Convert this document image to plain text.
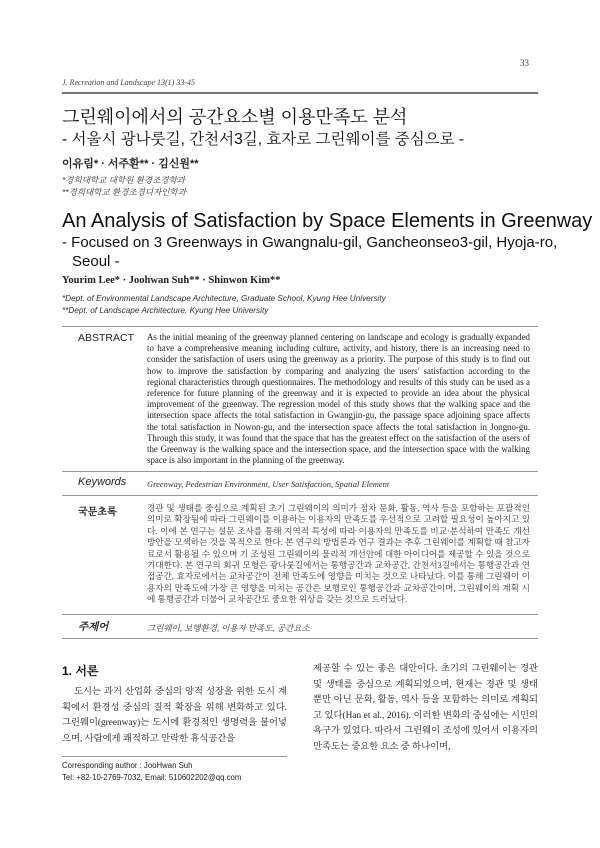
33
J. Recreation and Landscape 13(1) 33-45
그린웨이에서의 공간요소별 이용만족도 분석
- 서울시 광나룻길, 간천서3길, 효자로 그린웨이를 중심으로 -
이유림* · 서주환** · 김신원**
*경희대학교 대학원 환경조경학과
**경희대학교 환경조경디자인학과
An Analysis of Satisfaction by Space Elements in Greenway
- Focused on 3 Greenways in Gwangnalu-gil, Gancheonseo3-gil, Hyoja-ro,
Seoul -
Yourim Lee* · Joohwan Suh** · Shinwon Kim**
*Dept. of Environmental Landscape Architecture, Graduate School, Kyung Hee University
**Dept. of Landscape Architecture, Kyung Hee University
ABSTRACT As the initial meaning of the greenway planned centering on landscape and ecology is gradually expanded to have a comprehensive meaning including culture, activity, and history, there is an increasing need to consider the satisfaction of users using the greenway as a priority. The purpose of this study is to find out how to improve the satisfaction by comparing and analyzing the users' satisfaction according to the regional characteristics through questionnaires. The methodology and results of this study can be used as a reference for future planning of the greenway and it is expected to provide an idea about the physical improvement of the greenway. The regression model of this study shows that the walking space and the intersection space affects the total satisfaction in Gwangjin-gu, the passage space adjoining space affects the total satisfaction in Nowon-gu, and the intersection space affects the total satisfaction in Jongno-gu. Through this study, it was found that the space that has the greatest effect on the satisfaction of the users of the Greenway is the walking space and the intersection space, and the intersection space with the walking space is also important in the planning of the greenway.
Keywords Greenway, Pedestrian Environment, User Satisfaction, Spatial Element
국문초록	경관 및 생태를 중심으로 계획된 초기 그린웨이의 의미가 점차 문화, 활동, 역사 등을 포함하는 포괄적인 의미로 확장됨에 따라 그린웨이를 이용하는 이용자의 만족도를 우선적으로 고려할 필요성이 높아지고 있다. 이에 본 연구는 설문 조사를 통해 지역적 특성에 따라 이용자의 만족도를 비교·분석하여 만족도 개선 방안을 모색하는 것을 목적으로 한다. 본 연구의 방법론과 연구 결과는 추후 그린웨이를 계획할 때 참고자료로서 활용될 수 있으며 기 조성된 그린웨이의 물리적 개선안에 대한 아이디어를 제공할 수 있을 것으로 기대한다. 본 연구의 회귀 모형은 광나룻길에서는 통행공간과 교차공간, 간천서3길에서는 통행공간과 연접공간, 효자로에서는 교차공간이 전체 만족도에 영향을 미치는 것으로 나타났다. 이를 통해 그린웨이 이용자의 만족도에 가장 큰 영향을 미치는 공간은 보행로인 통행공간과 교차공간이며, 그린웨이의 계획 시에 통행공간과 더불어 교차공간도 중요한 위상을 갖는 것으로 드러났다.
주제어	그린웨이, 보행환경, 이용자 만족도, 공간요소
1. 서론
도시는 과거 산업화 중심의 양적 성장을 위한 도시 계획에서 환경성 중심의 질적 확장을 위해 변화하고 있다. 그린웨이(greenway)는 도시에 환경적인 생명력을 불어넣으며, 사람에게 쾌적하고 안락한 휴식공간을
제공할 수 있는 좋은 대안이다. 초기의 그린웨이는 경관 및 생태를 중심으로 계획되었으며, 현재는 경관 및 생태뿐만 아닌 문화, 활동, 역사 등을 포함하는 의미로 계획되고 있다(Han et al., 2016). 이러한 변화의 중심에는 시민의 욕구가 있었다. 따라서 그린웨이 조성에 있어서 이용자의 만족도는 중요한 요소 중 하나이며,
Corresponding author : JooHwan Suh
Tel: +82-10-2769-7032, Email: 510602202@qq.com
